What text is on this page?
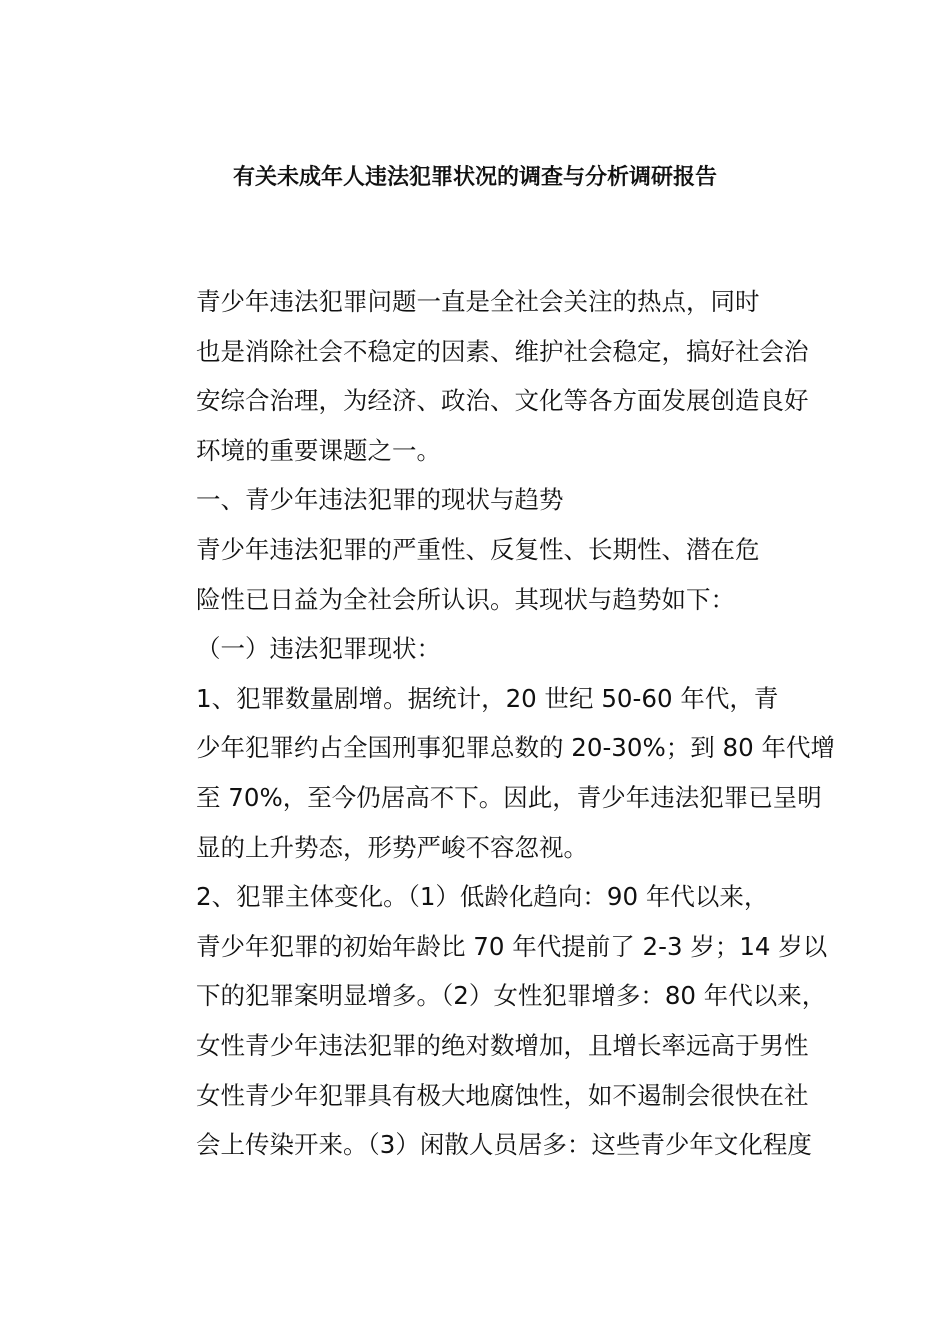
有关未成年人违法犯罪状况的调查与分析调研报告

青少年违法犯罪问题一直是全社会关注的热点，同时
也是消除社会不稳定的因素、维护社会稳定，搞好社会治
安综合治理，为经济、政治、文化等各方面发展创造良好
环境的重要课题之一。

一、青少年违法犯罪的现状与趋势

青少年违法犯罪的严重性、反复性、长期性、潜在危
险性已日益为全社会所认识。其现状与趋势如下：

（一）违法犯罪现状：

1、犯罪数量剧增。据统计，20 世纪 50-60 年代，青
少年犯罪约占全国刑事犯罪总数的 20-30%；到 80 年代增
至 70%，至今仍居高不下。因此，青少年违法犯罪已呈明
显的上升势态，形势严峻不容忽视。

2、犯罪主体变化。（1）低龄化趋向：90 年代以来，
青少年犯罪的初始年龄比 70 年代提前了 2-3 岁；14 岁以
下的犯罪案明显增多。（2）女性犯罪增多：80 年代以来，
女性青少年违法犯罪的绝对数增加，且增长率远高于男性
女性青少年犯罪具有极大地腐蚀性，如不遏制会很快在社
会上传染开来。（3）闲散人员居多：这些青少年文化程度
